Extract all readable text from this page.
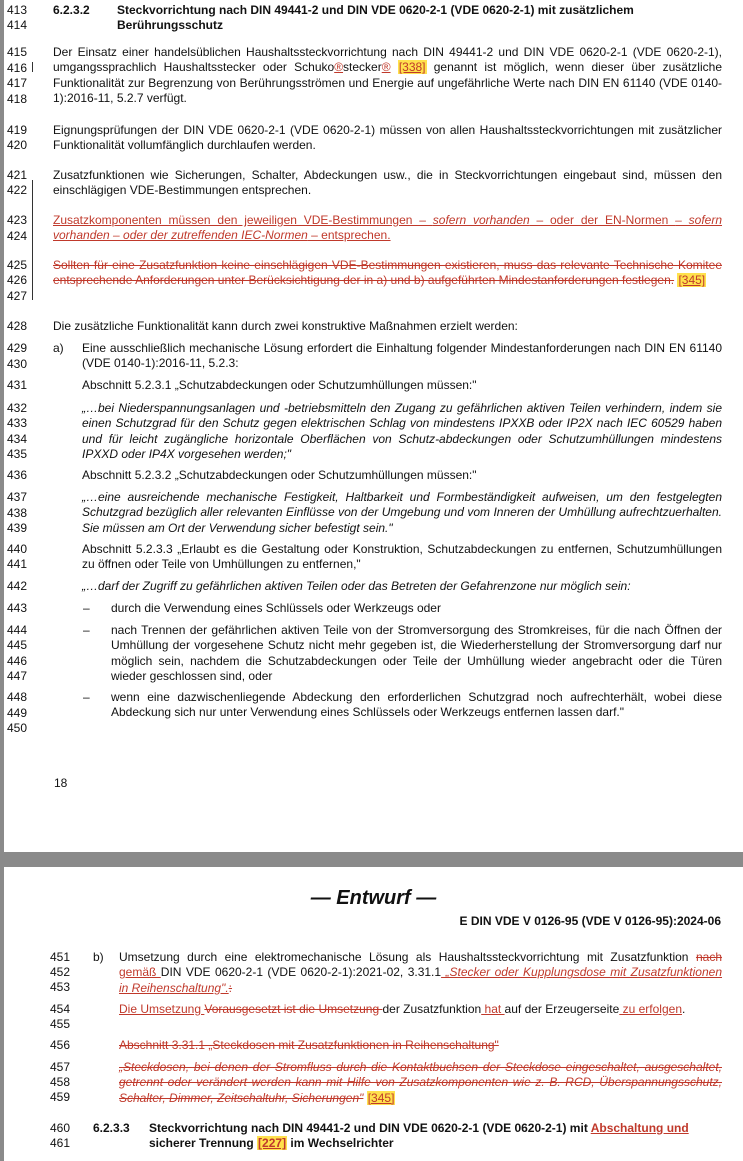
413
414
6.2.3.2 Steckvorrichtung nach DIN 49441-2 und DIN VDE 0620-2-1 (VDE 0620-2-1) mit zusätzlichem Berührungsschutz
415
416
417
418
Der Einsatz einer handelsüblichen Haushaltssteckvorrichtung nach DIN 49441-2 und DIN VDE 0620-2-1 (VDE 0620-2-1), umgangssprachlich Haushaltsstecker oder Schuko®stecker® [338] genannt ist möglich, wenn dieser über zusätzliche Funktionalität zur Begrenzung von Berührungsströmen und Energie auf ungefährliche Werte nach DIN EN 61140 (VDE 0140-1):2016-11, 5.2.7 verfügt.
419
420
Eignungsprüfungen der DIN VDE 0620-2-1 (VDE 0620-2-1) müssen von allen Haushaltssteckvorrichtungen mit zusätzlicher Funktionalität vollumfänglich durchlaufen werden.
421
422
Zusatzfunktionen wie Sicherungen, Schalter, Abdeckungen usw., die in Steckvorrichtungen eingebaut sind, müssen den einschlägigen VDE-Bestimmungen entsprechen.
423
424
Zusatzkomponenten müssen den jeweiligen VDE-Bestimmungen – sofern vorhanden – oder der EN-Normen – sofern vorhanden – oder der zutreffenden IEC-Normen – entsprechen.
425
426
427
Sollten für eine Zusatzfunktion keine einschlägigen VDE-Bestimmungen existieren, muss das relevante Technische Komitee entsprechende Anforderungen unter Berücksichtigung der in a) und b) aufgeführten Mindestanforderungen festlegen. [345]
428	Die zusätzliche Funktionalität kann durch zwei konstruktive Maßnahmen erzielt werden:
429
430
a) Eine ausschließlich mechanische Lösung erfordert die Einhaltung folgender Mindestanforderungen nach DIN EN 61140 (VDE 0140-1):2016-11, 5.2.3:
431	Abschnitt 5.2.3.1 „Schutzabdeckungen oder Schutzumhüllungen müssen:"
432
433
434
435
„…bei Niederspannungsanlagen und -betriebsmitteln den Zugang zu gefährlichen aktiven Teilen verhindern, indem sie einen Schutzgrad für den Schutz gegen elektrischen Schlag von mindestens IPXXB oder IP2X nach IEC 60529 haben und für leicht zugängliche horizontale Oberflächen von Schutz-abdeckungen oder Schutzumhüllungen mindestens IPXXD oder IP4X vorgesehen werden;"
436	Abschnitt 5.2.3.2 „Schutzabdeckungen oder Schutzumhüllungen müssen:"
437
438
439
„…eine ausreichende mechanische Festigkeit, Haltbarkeit und Formbeständigkeit aufweisen, um den festgelegten Schutzgrad bezüglich aller relevanten Einflüsse von der Umgebung und vom Inneren der Umhüllung aufrechtzuerhalten. Sie müssen am Ort der Verwendung sicher befestigt sein."
440
441
Abschnitt 5.2.3.3 „Erlaubt es die Gestaltung oder Konstruktion, Schutzabdeckungen zu entfernen, Schutzumhüllungen zu öffnen oder Teile von Umhüllungen zu entfernen,"
442	„…darf der Zugriff zu gefährlichen aktiven Teilen oder das Betreten der Gefahrenzone nur möglich sein:
443	– durch die Verwendung eines Schlüssels oder Werkzeugs oder
444
445
446
447
– nach Trennen der gefährlichen aktiven Teile von der Stromversorgung des Stromkreises, für die nach Öffnen der Umhüllung der vorgesehene Schutz nicht mehr gegeben ist, die Wiederherstellung der Stromversorgung darf nur möglich sein, nachdem die Schutzabdeckungen oder Teile der Umhüllung wieder angebracht oder die Türen wieder geschlossen sind, oder
448
449
450
– wenn eine dazwischenliegende Abdeckung den erforderlichen Schutzgrad noch aufrechterhält, wobei diese Abdeckung sich nur unter Verwendung eines Schlüssels oder Werkzeugs entfernen lassen darf."
18
— Entwurf —
E DIN VDE V 0126-95 (VDE V 0126-95):2024-06
451
452
453
b) Umsetzung durch eine elektromechanische Lösung als Haushaltssteckvorrichtung mit Zusatzfunktion nach gemäß DIN VDE 0620-2-1 (VDE 0620-2-1):2021-02, 3.31.1 „Stecker oder Kupplungsdose mit Zusatzfunktionen in Reihenschaltung".:
454
455
Die Umsetzung Vorausgesetzt ist die Umsetzung der Zusatzfunktion hat auf der Erzeugerseite zu erfolgen.
456	Abschnitt 3.31.1 „Steckdosen mit Zusatzfunktionen in Reihenschaltung"
457
458
459
„Steckdosen, bei denen der Stromfluss durch die Kontaktbuchsen der Steckdose eingeschaltet, ausgeschaltet, getrennt oder verändert werden kann mit Hilfe von Zusatzkomponenten wie z. B. RCD, Überspannungsschutz, Schalter, Dimmer, Zeitschaltuhr, Sicherungen" [345]
460
461
6.2.3.3 Steckvorrichtung nach DIN 49441-2 und DIN VDE 0620-2-1 (VDE 0620-2-1) mit Abschaltung und sicherer Trennung [227] im Wechselrichter
